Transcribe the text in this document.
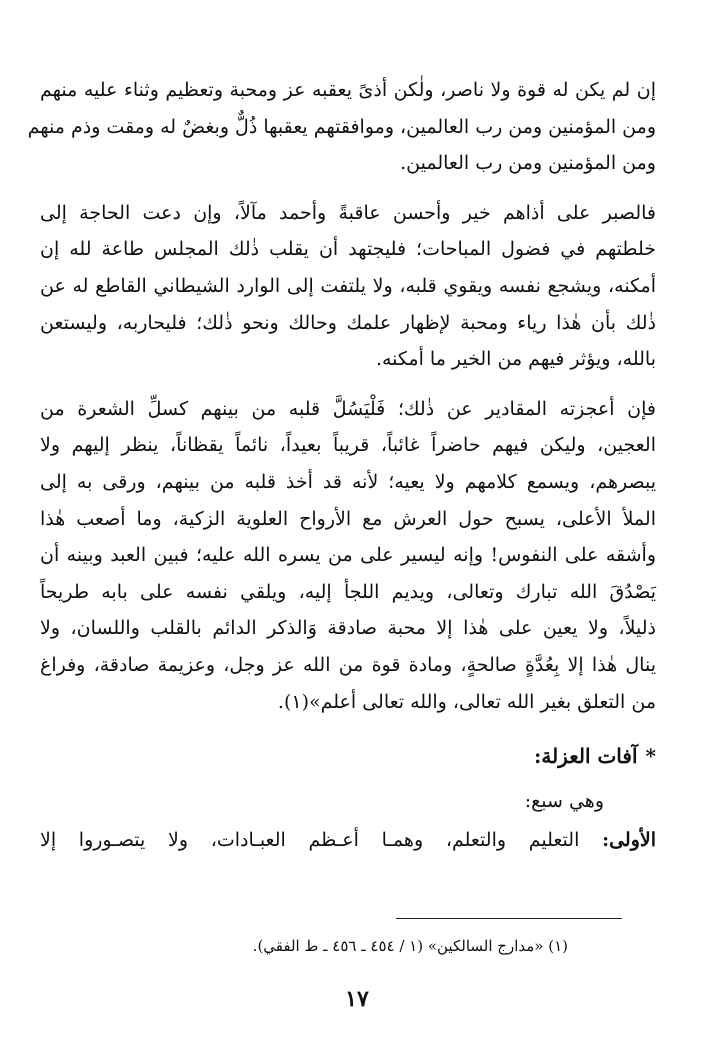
إن لم يكن له قوة ولا ناصر، ولٰكن أذىً يعقبه عز ومحبة وتعظيم وثناء عليه منهم
ومن المؤمنين ومن رب العالمين، وموافقتهم يعقبها ذُلٌّ وبغضٌ له ومقت وذم منهم
ومن المؤمنين ومن رب العالمين.
فالصبر على أذاهم خير وأحسن عاقبةً وأحمد مآلاً، وإن دعت الحاجة إلى
خلطتهم في فضول المباحات؛ فليجتهد أن يقلب ذٰلك المجلس طاعة لله إن
أمكنه، ويشجع نفسه ويقوي قلبه، ولا يلتفت إلى الوارد الشيطاني القاطع له عن
ذٰلك بأن هٰذا رياء ومحبة لإظهار علمك وحالك ونحو ذٰلك؛ فليحاربه، وليستعن
بالله، ويؤثر فيهم من الخير ما أمكنه.
فإن أعجزته المقادير عن ذٰلك؛ فَلْيَسُلَّ قلبه من بينهم كسلِّ الشعرة من
العجين، وليكن فيهم حاضراً غائباً، قريباً بعيداً، نائماً يقظاناً، ينظر إليهم ولا
يبصرهم، ويسمع كلامهم ولا يعيه؛ لأنه قد أخذ قلبه من بينهم، ورقى به إلى
الملأ الأعلى، يسبح حول العرش مع الأرواح العلوية الزكية، وما أصعب هٰذا
وأشقه على النفوس! وإنه ليسير على من يسره الله عليه؛ فبين العبد وبينه أن
يَصْدُقَ الله تبارك وتعالى، ويديم اللجأ إليه، ويلقي نفسه على بابه طريحاً
ذليلاً، ولا يعين على هٰذا إلا محبة صادقة وَالذكر الدائم بالقلب واللسان، ولا
ينال هٰذا إلا بِعُدَّةٍ صالحةٍ، ومادة قوة من الله عز وجل، وعزيمة صادقة، وفراغ
من التعلق بغير الله تعالى، والله تعالى أعلم»(١).
*آفات العزلة:
وهي سبع:
الأولى: التعليم والتعلم، وهمـا أعـظم العبـادات، ولا يتصـوروا إلا
(١) «مدارج السالكين» (١ / ٤٥٤ ـ ٤٥٦ ـ ط الفقي).
١٧
